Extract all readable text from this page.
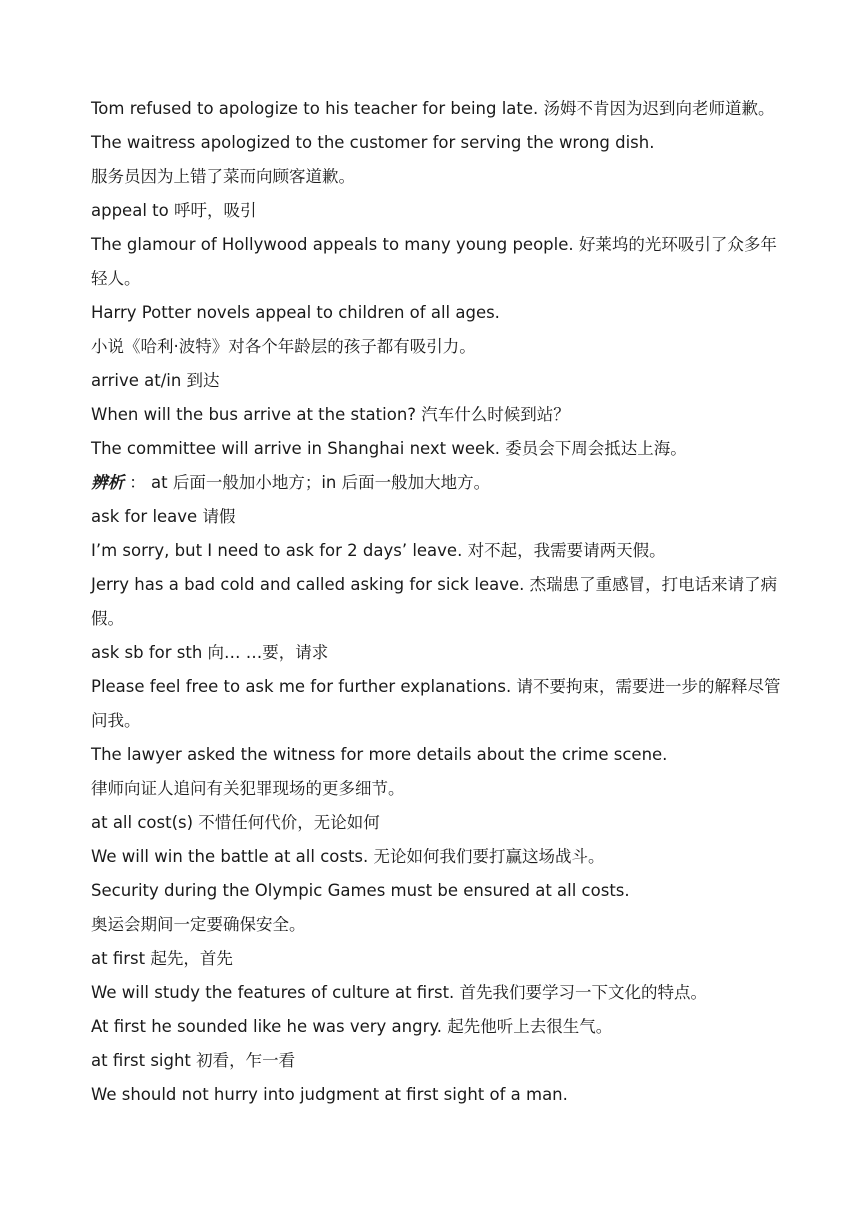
Tom refused to apologize to his teacher for being late. 汤姆不肯因为迟到向老师道歉。
The waitress apologized to the customer for serving the wrong dish.
服务员因为上错了菜而向顾客道歉。
appeal to 呼吁，吸引
The glamour of Hollywood appeals to many young people. 好莱坞的光环吸引了众多年轻人。
Harry Potter novels appeal to children of all ages.
小说《哈利·波特》对各个年龄层的孩子都有吸引力。
arrive at/in 到达
When will the bus arrive at the station? 汽车什么时候到站？
The committee will arrive in Shanghai next week. 委员会下周会抵达上海。
辨析 ： at 后面一般加小地方；in 后面一般加大地方。
ask for leave 请假
I’m sorry, but I need to ask for 2 days’ leave. 对不起，我需要请两天假。
Jerry has a bad cold and called asking for sick leave. 杰瑞患了重感冒，打电话来请了病假。
ask sb for sth 向… …要，请求
Please feel free to ask me for further explanations. 请不要拘束，需要进一步的解释尽管问我。
The lawyer asked the witness for more details about the crime scene.
律师向证人追问有关犯罪现场的更多细节。
at all cost(s) 不惜任何代价，无论如何
We will win the battle at all costs. 无论如何我们要打赢这场战斗。
Security during the Olympic Games must be ensured at all costs.
奥运会期间一定要确保安全。
at first 起先，首先
We will study the features of culture at first. 首先我们要学习一下文化的特点。
At first he sounded like he was very angry. 起先他听上去很生气。
at first sight 初看，乍一看
We should not hurry into judgment at first sight of a man.
